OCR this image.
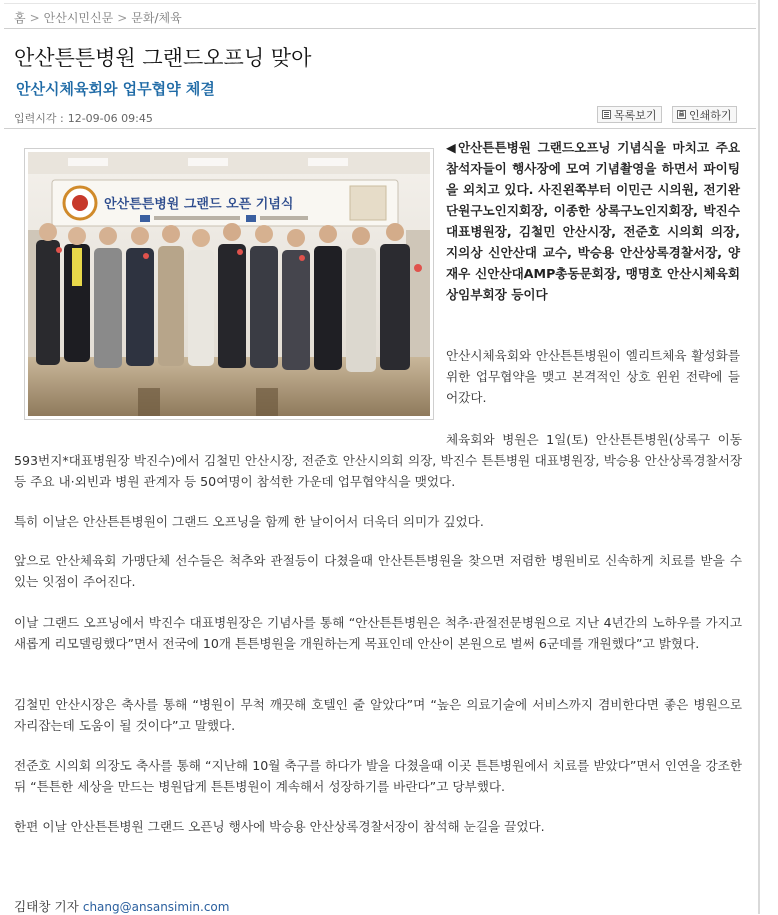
홈 > 안산시민신문 > 문화/체육
안산튼튼병원 그랜드오프닝 맞아
안산시체육회와 업무협약 체결
입력시각 : 12-09-06 09:45	목록보기	인쇄하기
안산튼튼병원 그랜드 오픈 기념식
◀안산튼튼병원 그랜드오프닝 기념식을 마치고 주요 참석자들이 행사장에 모여 기념촬영을 하면서 파이팅을 외치고 있다. 사진왼쪽부터 이민근 시의원, 전기완 단원구노인지회장, 이종한 상록구노인지회장, 박진수 대표병원장, 김철민 안산시장, 전준호 시의회 의장, 지의상 신안산대 교수, 박승용 안산상록경찰서장, 양재우 신안산대AMP총동문회장, 맹명호 안산시체육회 상임부회장 등이다
안산시체육회와 안산튼튼병원이 엘리트체육 활성화를 위한 업무협약을 맺고 본격적인 상호 윈윈 전략에 들어갔다.
체육회와 병원은 1일(토) 안산튼튼병원(상록구 이동 593번지*대표병원장 박진수)에서 김철민 안산시장, 전준호 안산시의회 의장, 박진수 튼튼병원 대표병원장, 박승용 안산상록경찰서장 등 주요 내·외빈과 병원 관계자 등 50여명이 참석한 가운데 업무협약식을 맺었다.
특히 이날은 안산튼튼병원이 그랜드 오프닝을 함께 한 날이어서 더욱더 의미가 깊었다.
앞으로 안산체육회 가맹단체 선수들은 척추와 관절등이 다쳤을때 안산튼튼병원을 찾으면 저렴한 병원비로 신속하게 치료를 받을 수 있는 잇점이 주어진다.
이날 그랜드 오프닝에서 박진수 대표병원장은 기념사를 통해 “안산튼튼병원은 척추·관절전문병원으로 지난 4년간의 노하우를 가지고 새롭게 리모델링했다”면서 전국에 10개 튼튼병원을 개원하는게 목표인데 안산이 본원으로 벌써 6군데를 개원했다”고 밝혔다.
김철민 안산시장은 축사를 통해 “병원이 무척 깨끗해 호텔인 줄 알았다”며 “높은 의료기술에 서비스까지 겸비한다면 좋은 병원으로 자리잡는데 도움이 될 것이다”고 말했다.
전준호 시의회 의장도 축사를 통해 “지난해 10월 축구를 하다가 발을 다쳤을때 이곳 튼튼병원에서 치료를 받았다”면서 인연을 강조한 뒤 “튼튼한 세상을 만드는 병원답게 튼튼병원이 계속해서 성장하기를 바란다”고 당부했다.
한편 이날 안산튼튼병원 그랜드 오픈닝 행사에 박승용 안산상록경찰서장이 참석해 눈길을 끌었다.
김태창 기자 chang@ansansimin.com
